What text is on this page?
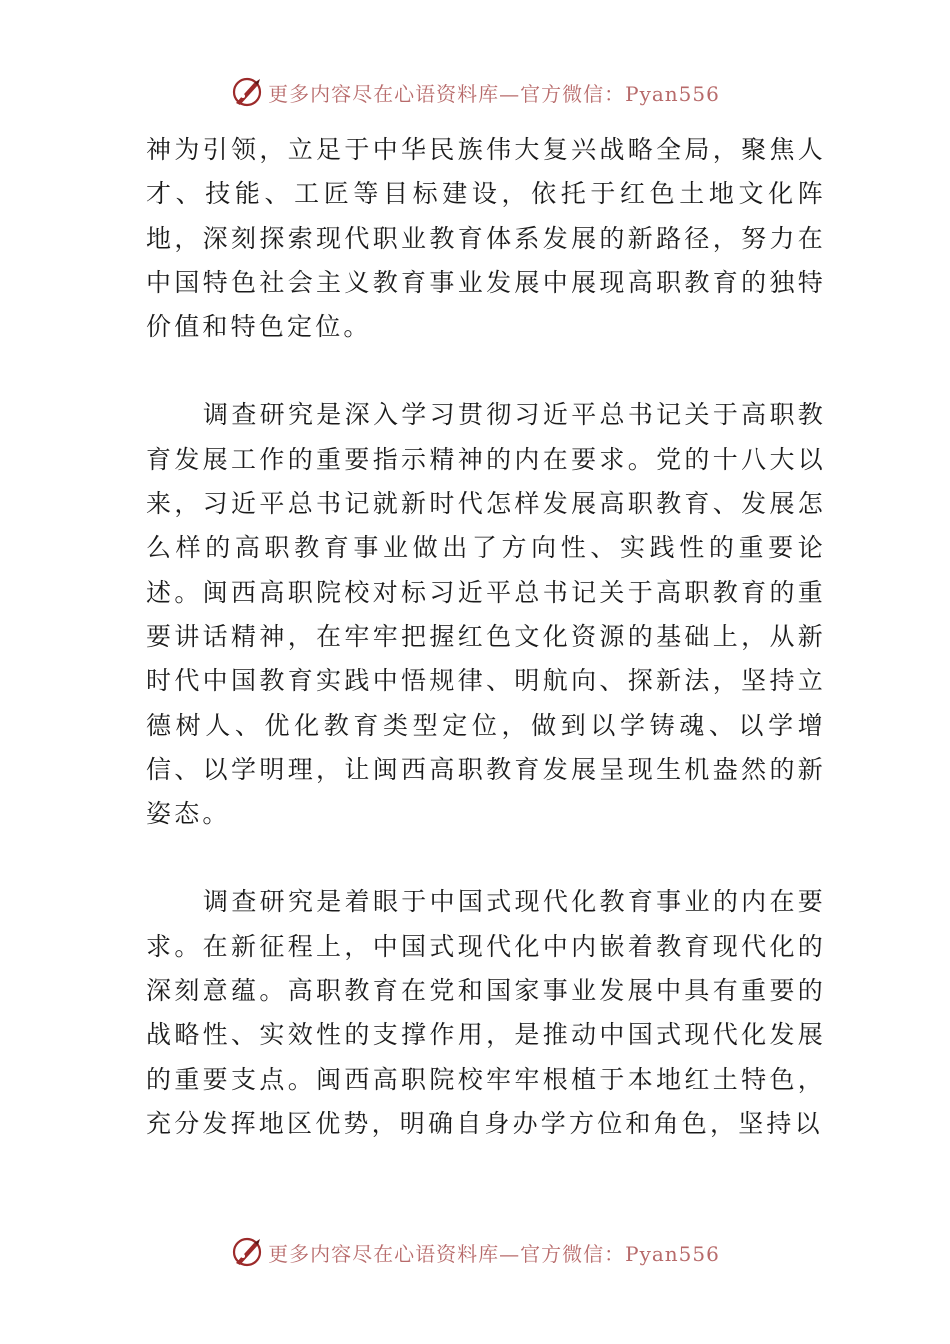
更多内容尽在心语资料库—官方微信：Pyan556

神为引领，立足于中华民族伟大复兴战略全局，聚焦人才、技能、工匠等目标建设，依托于红色土地文化阵地，深刻探索现代职业教育体系发展的新路径，努力在中国特色社会主义教育事业发展中展现高职教育的独特价值和特色定位。

调查研究是深入学习贯彻习近平总书记关于高职教育发展工作的重要指示精神的内在要求。党的十八大以来，习近平总书记就新时代怎样发展高职教育、发展怎么样的高职教育事业做出了方向性、实践性的重要论述。闽西高职院校对标习近平总书记关于高职教育的重要讲话精神，在牢牢把握红色文化资源的基础上，从新时代中国教育实践中悟规律、明航向、探新法，坚持立德树人、优化教育类型定位，做到以学铸魂、以学增信、以学明理，让闽西高职教育发展呈现生机盎然的新姿态。

调查研究是着眼于中国式现代化教育事业的内在要求。在新征程上，中国式现代化中内嵌着教育现代化的深刻意蕴。高职教育在党和国家事业发展中具有重要的战略性、实效性的支撑作用，是推动中国式现代化发展的重要支点。闽西高职院校牢牢根植于本地红土特色，充分发挥地区优势，明确自身办学方位和角色，坚持以

更多内容尽在心语资料库—官方微信：Pyan556
